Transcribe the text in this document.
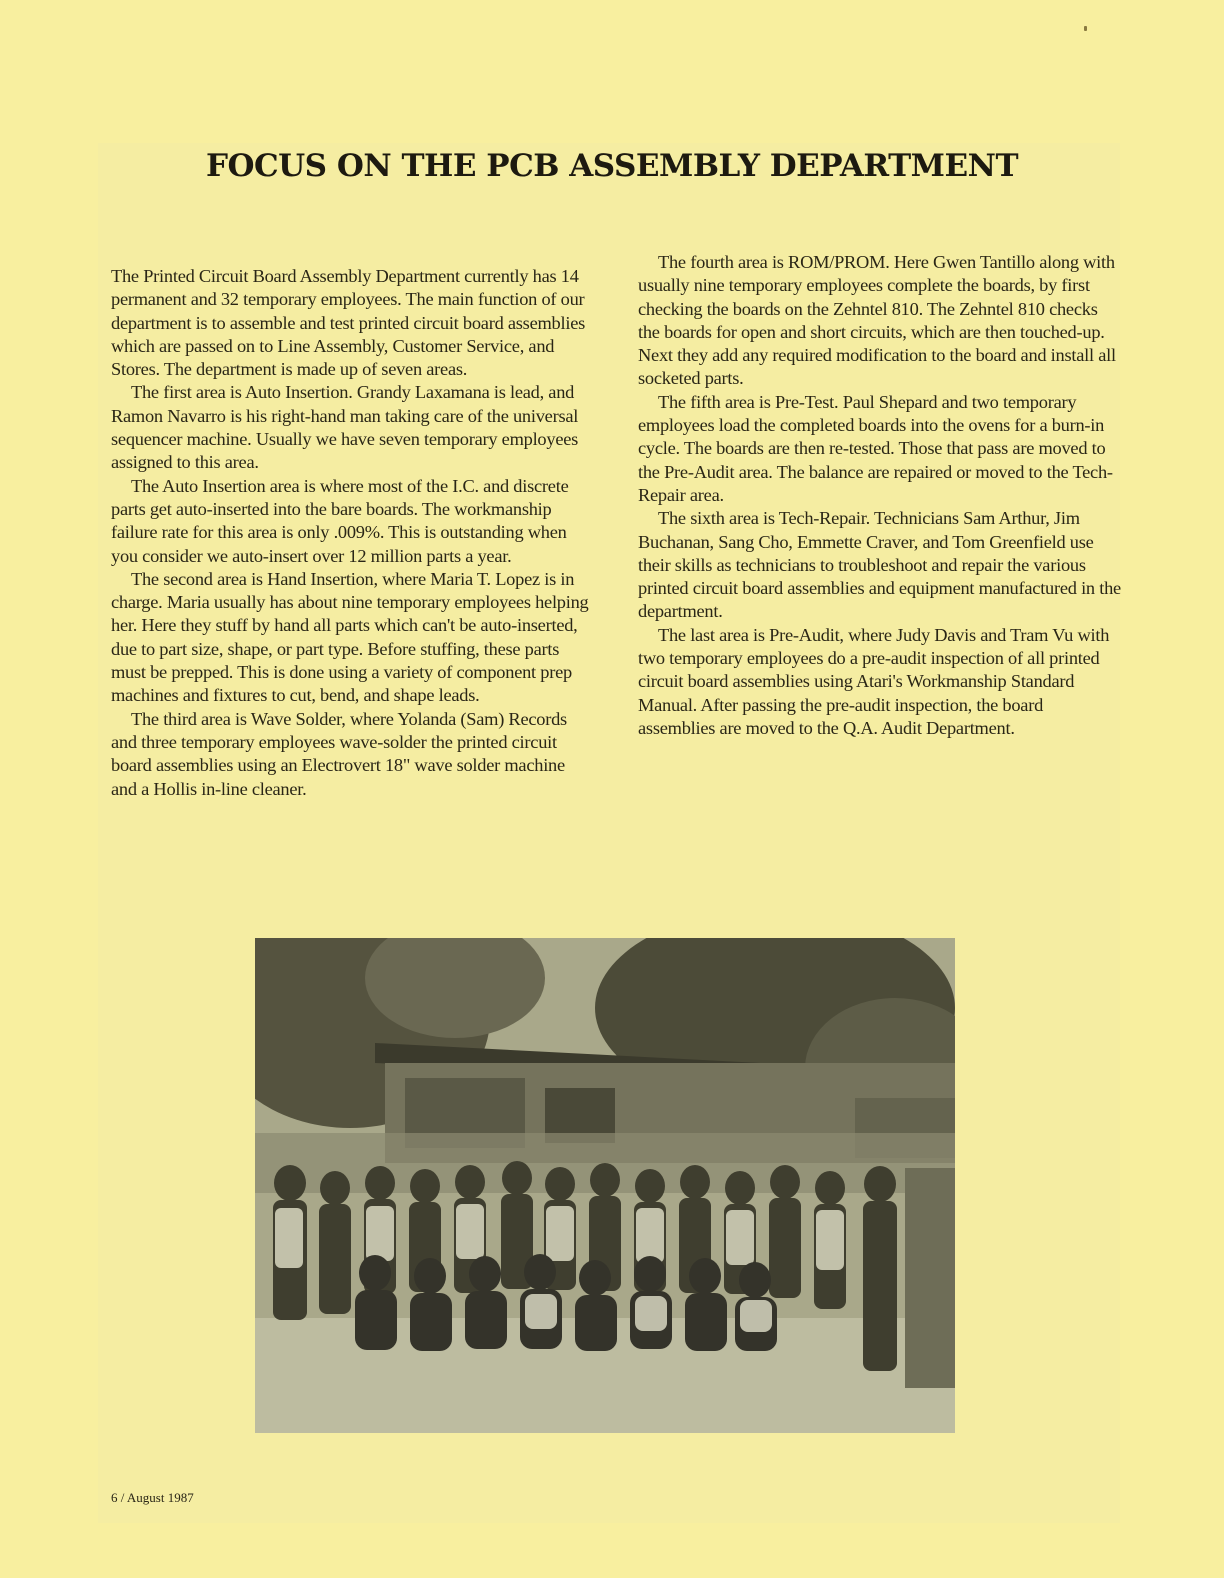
FOCUS ON THE PCB ASSEMBLY DEPARTMENT

The Printed Circuit Board Assembly Department currently has 14 permanent and 32 temporary employees. The main function of our department is to assemble and test printed circuit board assemblies which are passed on to Line Assembly, Customer Service, and Stores. The department is made up of seven areas.

The first area is Auto Insertion. Grandy Laxamana is lead, and Ramon Navarro is his right-hand man taking care of the universal sequencer machine. Usually we have seven temporary employees assigned to this area.

The Auto Insertion area is where most of the I.C. and discrete parts get auto-inserted into the bare boards. The workmanship failure rate for this area is only .009%. This is outstanding when you consider we auto-insert over 12 million parts a year.

The second area is Hand Insertion, where Maria T. Lopez is in charge. Maria usually has about nine temporary employees helping her. Here they stuff by hand all parts which can't be auto-inserted, due to part size, shape, or part type. Before stuffing, these parts must be prepped. This is done using a variety of component prep machines and fixtures to cut, bend, and shape leads.

The third area is Wave Solder, where Yolanda (Sam) Records and three temporary employees wave-solder the printed circuit board assemblies using an Electrovert 18" wave solder machine and a Hollis in-line cleaner.

The fourth area is ROM/PROM. Here Gwen Tantillo along with usually nine temporary employees complete the boards, by first checking the boards on the Zehntel 810. The Zehntel 810 checks the boards for open and short circuits, which are then touched-up. Next they add any required modification to the board and install all socketed parts.

The fifth area is Pre-Test. Paul Shepard and two temporary employees load the completed boards into the ovens for a burn-in cycle. The boards are then re-tested. Those that pass are moved to the Pre-Audit area. The balance are repaired or moved to the Tech-Repair area.

The sixth area is Tech-Repair. Technicians Sam Arthur, Jim Buchanan, Sang Cho, Emmette Craver, and Tom Greenfield use their skills as technicians to troubleshoot and repair the various printed circuit board assemblies and equipment manufactured in the department.

The last area is Pre-Audit, where Judy Davis and Tram Vu with two temporary employees do a pre-audit inspection of all printed circuit board assemblies using Atari's Workmanship Standard Manual. After passing the pre-audit inspection, the board assemblies are moved to the Q.A. Audit Department.

6 / August 1987
